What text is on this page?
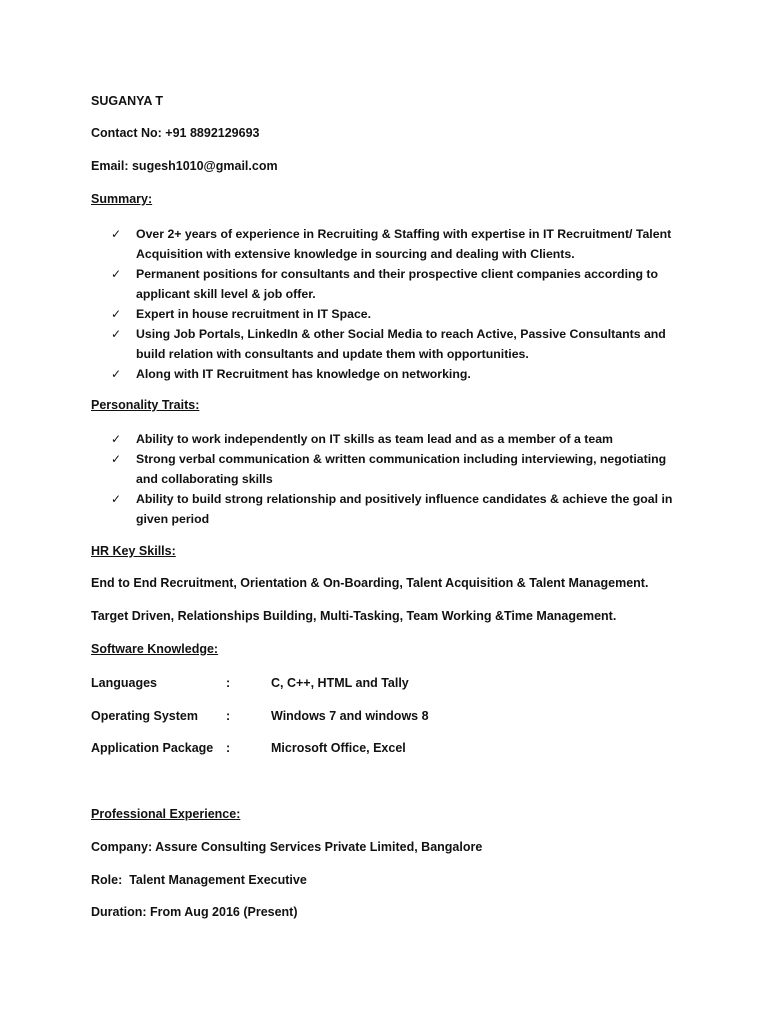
SUGANYA T
Contact No: +91 8892129693
Email: sugesh1010@gmail.com
Summary:
✓ Over 2+ years of experience in Recruiting & Staffing with expertise in IT Recruitment/ Talent Acquisition with extensive knowledge in sourcing and dealing with Clients.
✓ Permanent positions for consultants and their prospective client companies according to applicant skill level & job offer.
✓ Expert in house recruitment in IT Space.
✓ Using Job Portals, LinkedIn & other Social Media to reach Active, Passive Consultants and build relation with consultants and update them with opportunities.
✓ Along with IT Recruitment has knowledge on networking.
Personality Traits:
✓ Ability to work independently on IT skills as team lead and as a member of a team
✓ Strong verbal communication & written communication including interviewing, negotiating and collaborating skills
✓ Ability to build strong relationship and positively influence candidates & achieve the goal in given period
HR Key Skills:
End to End Recruitment, Orientation & On-Boarding, Talent Acquisition & Talent Management.
Target Driven, Relationships Building, Multi-Tasking, Team Working &Time Management.
Software Knowledge:
Languages	:	C, C++, HTML and Tally
Operating System	:	Windows 7 and windows 8
Application Package	:	Microsoft Office, Excel
Professional Experience:
Company: Assure Consulting Services Private Limited, Bangalore
Role:  Talent Management Executive
Duration: From Aug 2016 (Present)
